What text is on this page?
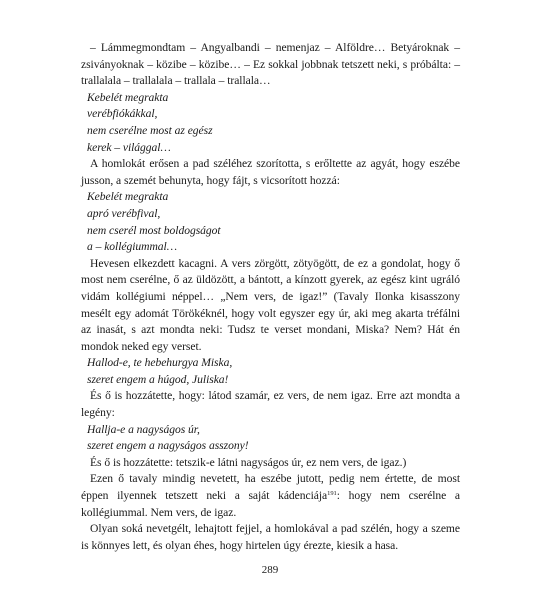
– Lámmegmondtam – Angyalbandi – nemenjaz – Alföldre… Betyároknak – zsiványoknak – közibe – közibe… – Ez sokkal jobbnak tetszett neki, s próbálta: – trallalala – trallalala – trallala – trallala…

Kebelét megrakta
verébfiókákkal,
nem cserélne most az egész
kerek – világgal…

A homlokát erősen a pad széléhez szorította, s erőltette az agyát, hogy eszébe jusson, a szemét behunyta, hogy fájt, s vicsorított hozzá:

Kebelét megrakta
apró verébfival,
nem cserél most boldogságot
a – kollégiummal…

Hevesen elkezdett kacagni. A vers zörgött, zötyögött, de ez a gondolat, hogy ő most nem cserélne, ő az üldözött, a bántott, a kínzott gyerek, az egész kint ugráló vidám kollégiumi néppel… „Nem vers, de igaz!” (Tavaly Ilonka kisasszony mesélt egy adomát Törökéknél, hogy volt egyszer egy úr, aki meg akarta tréfálni az inasát, s azt mondta neki: Tudsz te verset mondani, Miska? Nem? Hát én mondok neked egy verset.

Hallod-e, te hebehurgya Miska,
szeret engem a húgod, Juliska!

És ő is hozzátette, hogy: látod szamár, ez vers, de nem igaz. Erre azt mondta a legény:

Hallja-e a nagyságos úr,
szeret engem a nagyságos asszony!

És ő is hozzátette: tetszik-e látni nagyságos úr, ez nem vers, de igaz.)

Ezen ő tavaly mindig nevetett, ha eszébe jutott, pedig nem értette, de most éppen ilyennek tetszett neki a saját kádenciája$^{191}$: hogy nem cserélne a kollégiummal. Nem vers, de igaz.

Olyan soká nevetgélt, lehajtott fejjel, a homlokával a pad szélén, hogy a szeme is könnyes lett, és olyan éhes, hogy hirtelen úgy érezte, kiesik a hasa.

289
